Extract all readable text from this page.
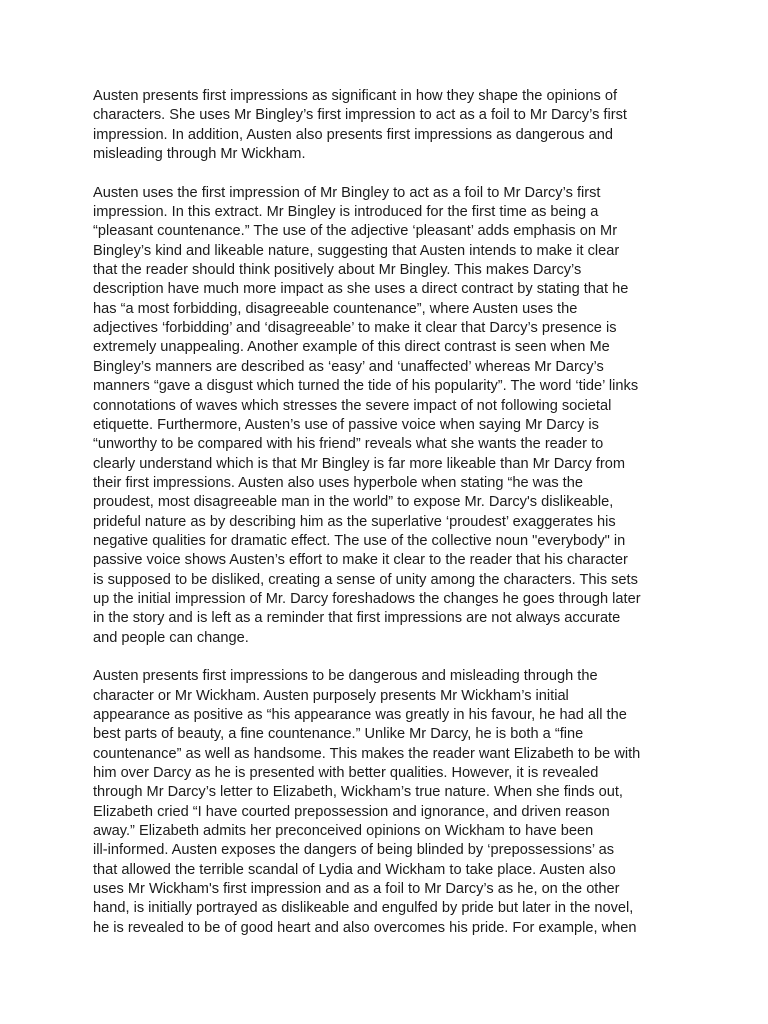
Austen presents first impressions as significant in how they shape the opinions of
characters. She uses Mr Bingley’s first impression to act as a foil to Mr Darcy’s first
impression. In addition, Austen also presents first impressions as dangerous and
misleading through Mr Wickham.
Austen uses the first impression of Mr Bingley to act as a foil to Mr Darcy’s first
impression. In this extract. Mr Bingley is introduced for the first time as being a
“pleasant countenance.” The use of the adjective ‘pleasant’ adds emphasis on Mr
Bingley’s kind and likeable nature, suggesting that Austen intends to make it clear
that the reader should think positively about Mr Bingley. This makes Darcy’s
description have much more impact as she uses a direct contract by stating that he
has “a most forbidding, disagreeable countenance”, where Austen uses the
adjectives ‘forbidding’ and ‘disagreeable’ to make it clear that Darcy’s presence is
extremely unappealing. Another example of this direct contrast is seen when Me
Bingley’s manners are described as ‘easy’ and ‘unaffected’ whereas Mr Darcy’s
manners “gave a disgust which turned the tide of his popularity”. The word ‘tide’ links
connotations of waves which stresses the severe impact of not following societal
etiquette. Furthermore, Austen’s use of passive voice when saying Mr Darcy is
“unworthy to be compared with his friend” reveals what she wants the reader to
clearly understand which is that Mr Bingley is far more likeable than Mr Darcy from
their first impressions. Austen also uses hyperbole when stating “he was the
proudest, most disagreeable man in the world” to expose Mr. Darcy's dislikeable,
prideful nature as by describing him as the superlative ‘proudest’ exaggerates his
negative qualities for dramatic effect. The use of the collective noun "everybody" in
passive voice shows Austen’s effort to make it clear to the reader that his character
is supposed to be disliked, creating a sense of unity among the characters. This sets
up the initial impression of Mr. Darcy foreshadows the changes he goes through later
in the story and is left as a reminder that first impressions are not always accurate
and people can change.
Austen presents first impressions to be dangerous and misleading through the
character or Mr Wickham. Austen purposely presents Mr Wickham’s initial
appearance as positive as “his appearance was greatly in his favour, he had all the
best parts of beauty, a fine countenance.” Unlike Mr Darcy, he is both a “fine
countenance” as well as handsome. This makes the reader want Elizabeth to be with
him over Darcy as he is presented with better qualities. However, it is revealed
through Mr Darcy’s letter to Elizabeth, Wickham’s true nature. When she finds out,
Elizabeth cried “I have courted prepossession and ignorance, and driven reason
away.” Elizabeth admits her preconceived opinions on Wickham to have been
ill-informed. Austen exposes the dangers of being blinded by ‘prepossessions’ as
that allowed the terrible scandal of Lydia and Wickham to take place. Austen also
uses Mr Wickham's first impression and as a foil to Mr Darcy’s as he, on the other
hand, is initially portrayed as dislikeable and engulfed by pride but later in the novel,
he is revealed to be of good heart and also overcomes his pride. For example, when
